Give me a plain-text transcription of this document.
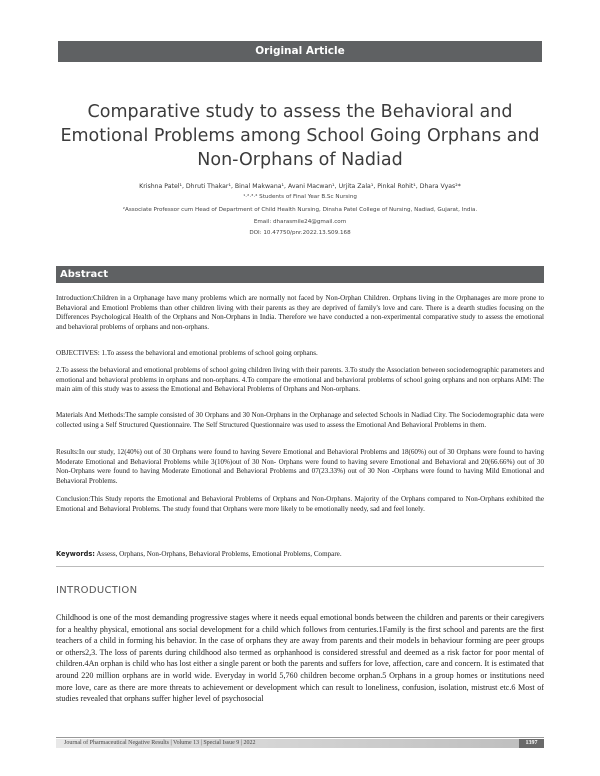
Original Article
Comparative study to assess the Behavioral and
Emotional Problems among School Going Orphans and
Non-Orphans of Nadiad
Krishna Patel¹, Dhruti Thakar¹, Binal Makwana¹, Avani Macwan¹, Urjita Zala¹, Pinkal Rohit¹, Dhara Vyas²*
¹·²·³·⁴ Students of Final Year B.Sc Nursing
²Associate Professor cum Head of Department of Child Health Nursing, Dinsha Patel College of Nursing, Nadiad, Gujarat, India.
Email: dharasmile24@gmail.com
DOI: 10.47750/pnr.2022.13.S09.168
Abstract

Introduction:Children in a Orphanage have many problems which are normally not faced by Non-Orphan Children. Orphans living in the Orphanages are more prone to Behavioral and Emotionl Problems than other children living with their parents as they are deprived of family's love and care. There is a dearth studies focusing on the Differences Psychological Health of the Orphans and Non-Orphans in India. Therefore we have conducted a non-experimental comparative study to assess the emotional and behavioral problems of orphans and non-orphans.

OBJECTIVES: 1.To assess the behavioral and emotional problems of school going orphans.

2.To assess the behavioral and emotional problems of school going children living with their parents. 3.To study the Association between sociodemographic parameters and emotional and behavioral problems in orphans and non-orphans. 4.To compare the emotional and behavioral problems of school going orphans and non orphans AIM: The main aim of this study was to assess the Emotional and Behavioral Problems of Orphans and Non-orphans.

Materials And Methods:The sample consisted of 30 Orphans and 30 Non-Orphans in the Orphanage and selected Schools in Nadiad City. The Sociodemographic data were collected using a Self Structured Questionnaire. The Self Structured Questionnaire was used to assess the Emotional And Behavioral Problems in them.

Results:In our study, 12(40%) out of 30 Orphans were found to having Severe Emotional and Behavioral Problems and 18(60%) out of 30 Orphans were found to having Moderate Emotional and Behavioral Problems while 3(10%)out of 30 Non- Orphans were found to having severe Emotional and Behavioral and 20(66.66%) out of 30 Non-Orphans were found to having Moderate Emotional and Behavioral Problems and 07(23.33%) out of 30 Non -Orphans were found to having Mild Emotional and Behavioral Problems.

Conclusion:This Study reports the Emotional and Behavioral Problems of Orphans and Non-Orphans. Majority of the Orphans compared to Non-Orphans exhibited the Emotional and Behavioral Problems. The study found that Orphans were more likely to be emotionally needy, sad and feel lonely.

Keywords: Assess, Orphans, Non-Orphans, Behavioral Problems, Emotional Problems, Compare.
INTRODUCTION

Childhood is one of the most demanding progressive stages where it needs equal emotional bonds between the children and parents or their caregivers for a healthy physical, emotional ans social development for a child which follows from centuries.1Family is the first school and parents are the first teachers of a child in forming his behavior. In the case of orphans they are away from parents and their models in behaviour forming are peer groups or others2,3. The loss of parents during childhood also termed as orphanhood is considered stressful and deemed as a risk factor for poor mental of children.4An orphan is child who has lost either a single parent or both the parents and suffers for love, affection, care and concern. It is estimated that around 220 million orphans are in world wide. Everyday in world 5,760 children become orphan.5 Orphans in a group homes or institutions need more love, care as there are more threats to achievement or development which can result to loneliness, confusion, isolation, mistrust etc.6 Most of studies revealed that orphans suffer higher level of psychosocial

Journal of Pharmaceutical Negative Results | Volume 13 | Special Issue 9 | 2022	1397
